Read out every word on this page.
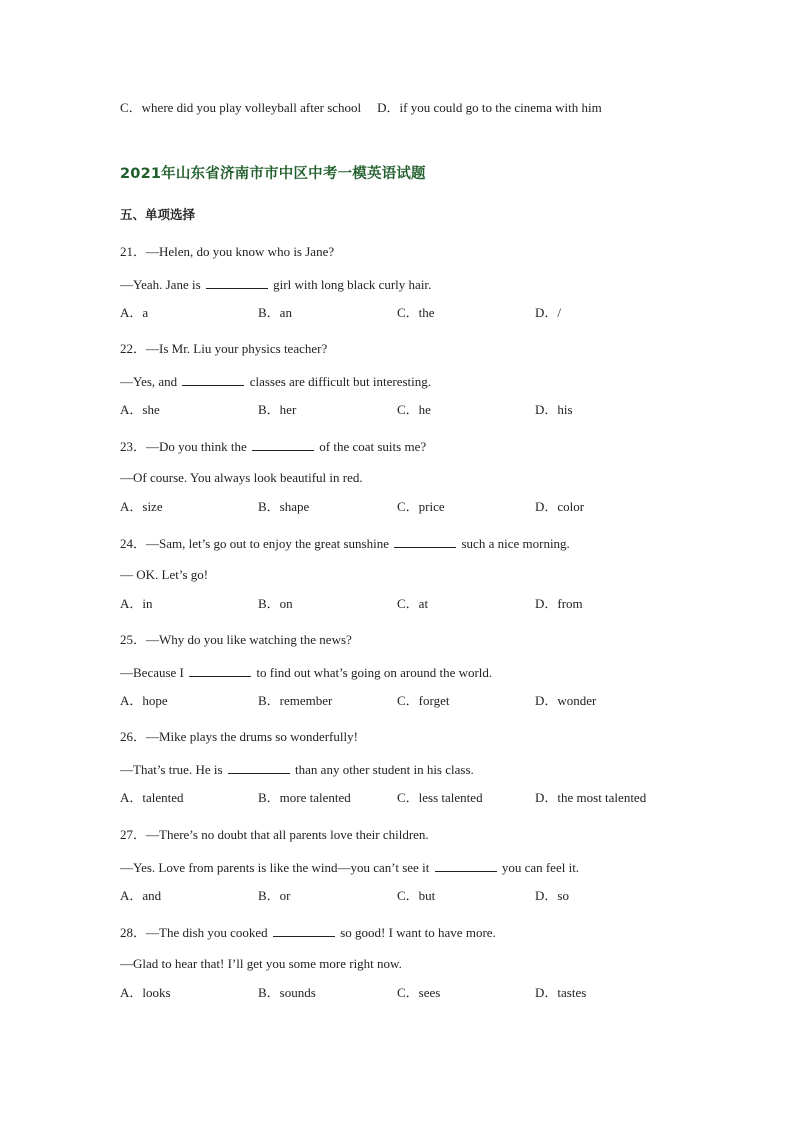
C．where did you play volleyball after school D．if you could go to the cinema with him
2021年山东省济南市市中区中考一模英语试题
五、单项选择
21．—Helen, do you know who is Jane?
—Yeah. Jane is	girl with long black curly hair.
A．a	B．an	C．the	D．/
22．—Is Mr. Liu your physics teacher?
—Yes, and	classes are difficult but interesting.
A．she	B．her	C．he	D．his
23．—Do you think the	of the coat suits me?
—Of course. You always look beautiful in red.
A．size	B．shape	C．price	D．color
24．—Sam, let’s go out to enjoy the great sunshine	such a nice morning.
— OK. Let’s go!
A．in	B．on	C．at	D．from
25．—Why do you like watching the news?
—Because I	to find out what’s going on around the world.
A．hope	B．remember	C．forget	D．wonder
26．—Mike plays the drums so wonderfully!
—That’s true. He is	than any other student in his class.
A．talented	B．more talented	C．less talented	D．the most talented
27．—There’s no doubt that all parents love their children.
—Yes. Love from parents is like the wind—you can’t see it	you can feel it.
A．and	B．or	C．but	D．so
28．—The dish you cooked	so good! I want to have more.
—Glad to hear that! I’ll get you some more right now.
A．looks	B．sounds	C．sees	D．tastes
